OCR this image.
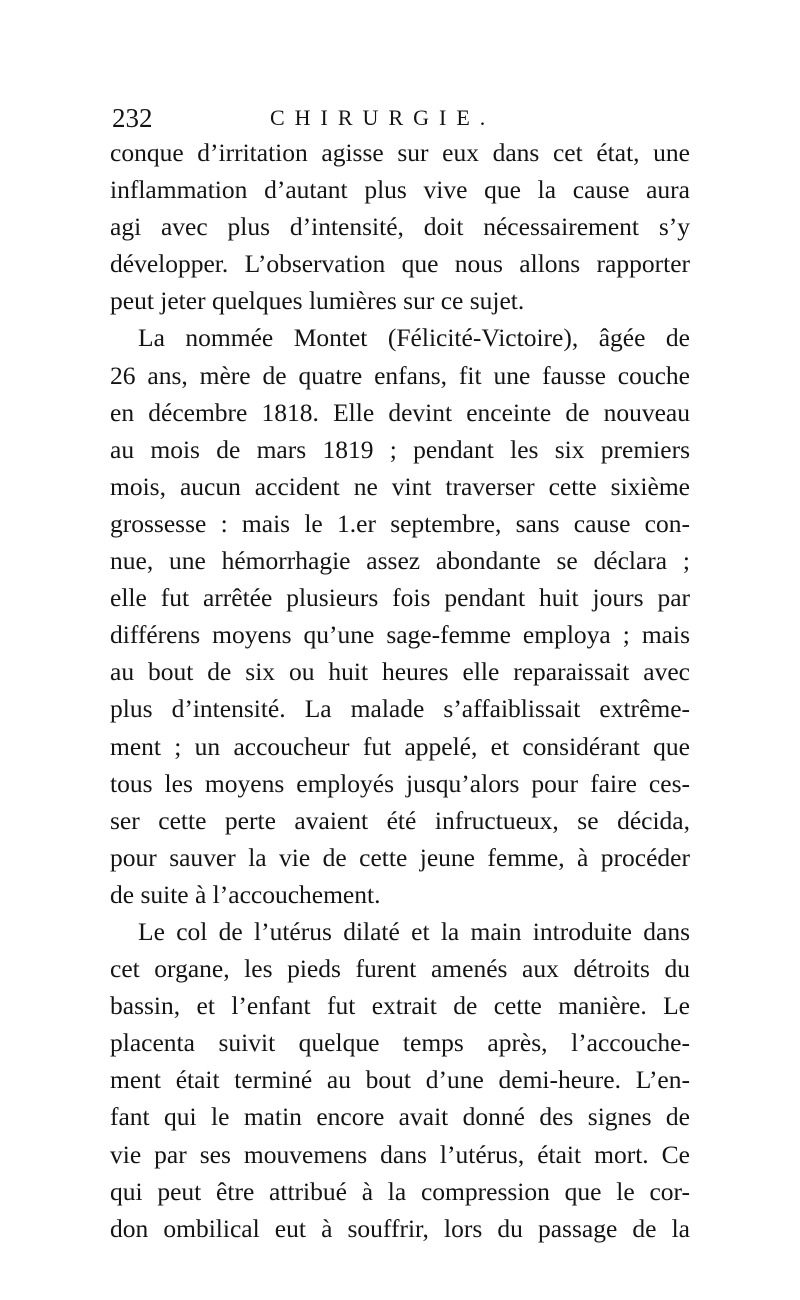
232	CHIRURGIE.
conque d’irritation agisse sur eux dans cet état, une
inflammation d’autant plus vive que la cause aura
agi avec plus d’intensité, doit nécessairement s’y
développer. L’observation que nous allons rapporter
peut jeter quelques lumières sur ce sujet.
La nommée Montet (Félicité-Victoire), âgée de
26 ans, mère de quatre enfans, fit une fausse couche
en décembre 1818. Elle devint enceinte de nouveau
au mois de mars 1819 ; pendant les six premiers
mois, aucun accident ne vint traverser cette sixième
grossesse : mais le 1.er septembre, sans cause con-
nue, une hémorrhagie assez abondante se déclara ;
elle fut arrêtée plusieurs fois pendant huit jours par
différens moyens qu’une sage-femme employa ; mais
au bout de six ou huit heures elle reparaissait avec
plus d’intensité. La malade s’affaiblissait extrême-
ment ; un accoucheur fut appelé, et considérant que
tous les moyens employés jusqu’alors pour faire ces-
ser cette perte avaient été infructueux, se décida,
pour sauver la vie de cette jeune femme, à procéder
de suite à l’accouchement.
Le col de l’utérus dilaté et la main introduite dans
cet organe, les pieds furent amenés aux détroits du
bassin, et l’enfant fut extrait de cette manière. Le
placenta suivit quelque temps après, l’accouche-
ment était terminé au bout d’une demi-heure. L’en-
fant qui le matin encore avait donné des signes de
vie par ses mouvemens dans l’utérus, était mort. Ce
qui peut être attribué à la compression que le cor-
don ombilical eut à souffrir, lors du passage de la
